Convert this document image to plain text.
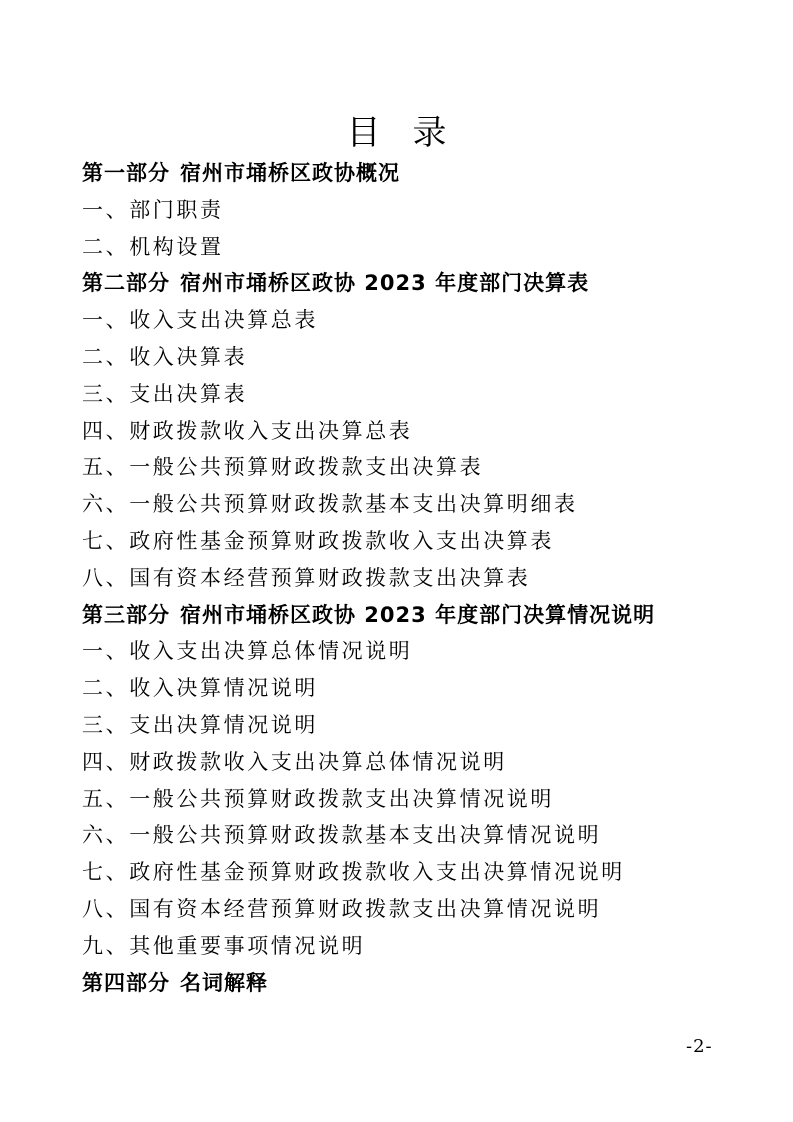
目 录
第一部分 宿州市埇桥区政协概况
一、部门职责
二、机构设置
第二部分 宿州市埇桥区政协 2023 年度部门决算表
一、收入支出决算总表
二、收入决算表
三、支出决算表
四、财政拨款收入支出决算总表
五、一般公共预算财政拨款支出决算表
六、一般公共预算财政拨款基本支出决算明细表
七、政府性基金预算财政拨款收入支出决算表
八、国有资本经营预算财政拨款支出决算表
第三部分 宿州市埇桥区政协 2023 年度部门决算情况说明
一、收入支出决算总体情况说明
二、收入决算情况说明
三、支出决算情况说明
四、财政拨款收入支出决算总体情况说明
五、一般公共预算财政拨款支出决算情况说明
六、一般公共预算财政拨款基本支出决算情况说明
七、政府性基金预算财政拨款收入支出决算情况说明
八、国有资本经营预算财政拨款支出决算情况说明
九、其他重要事项情况说明
第四部分 名词解释
-2-
